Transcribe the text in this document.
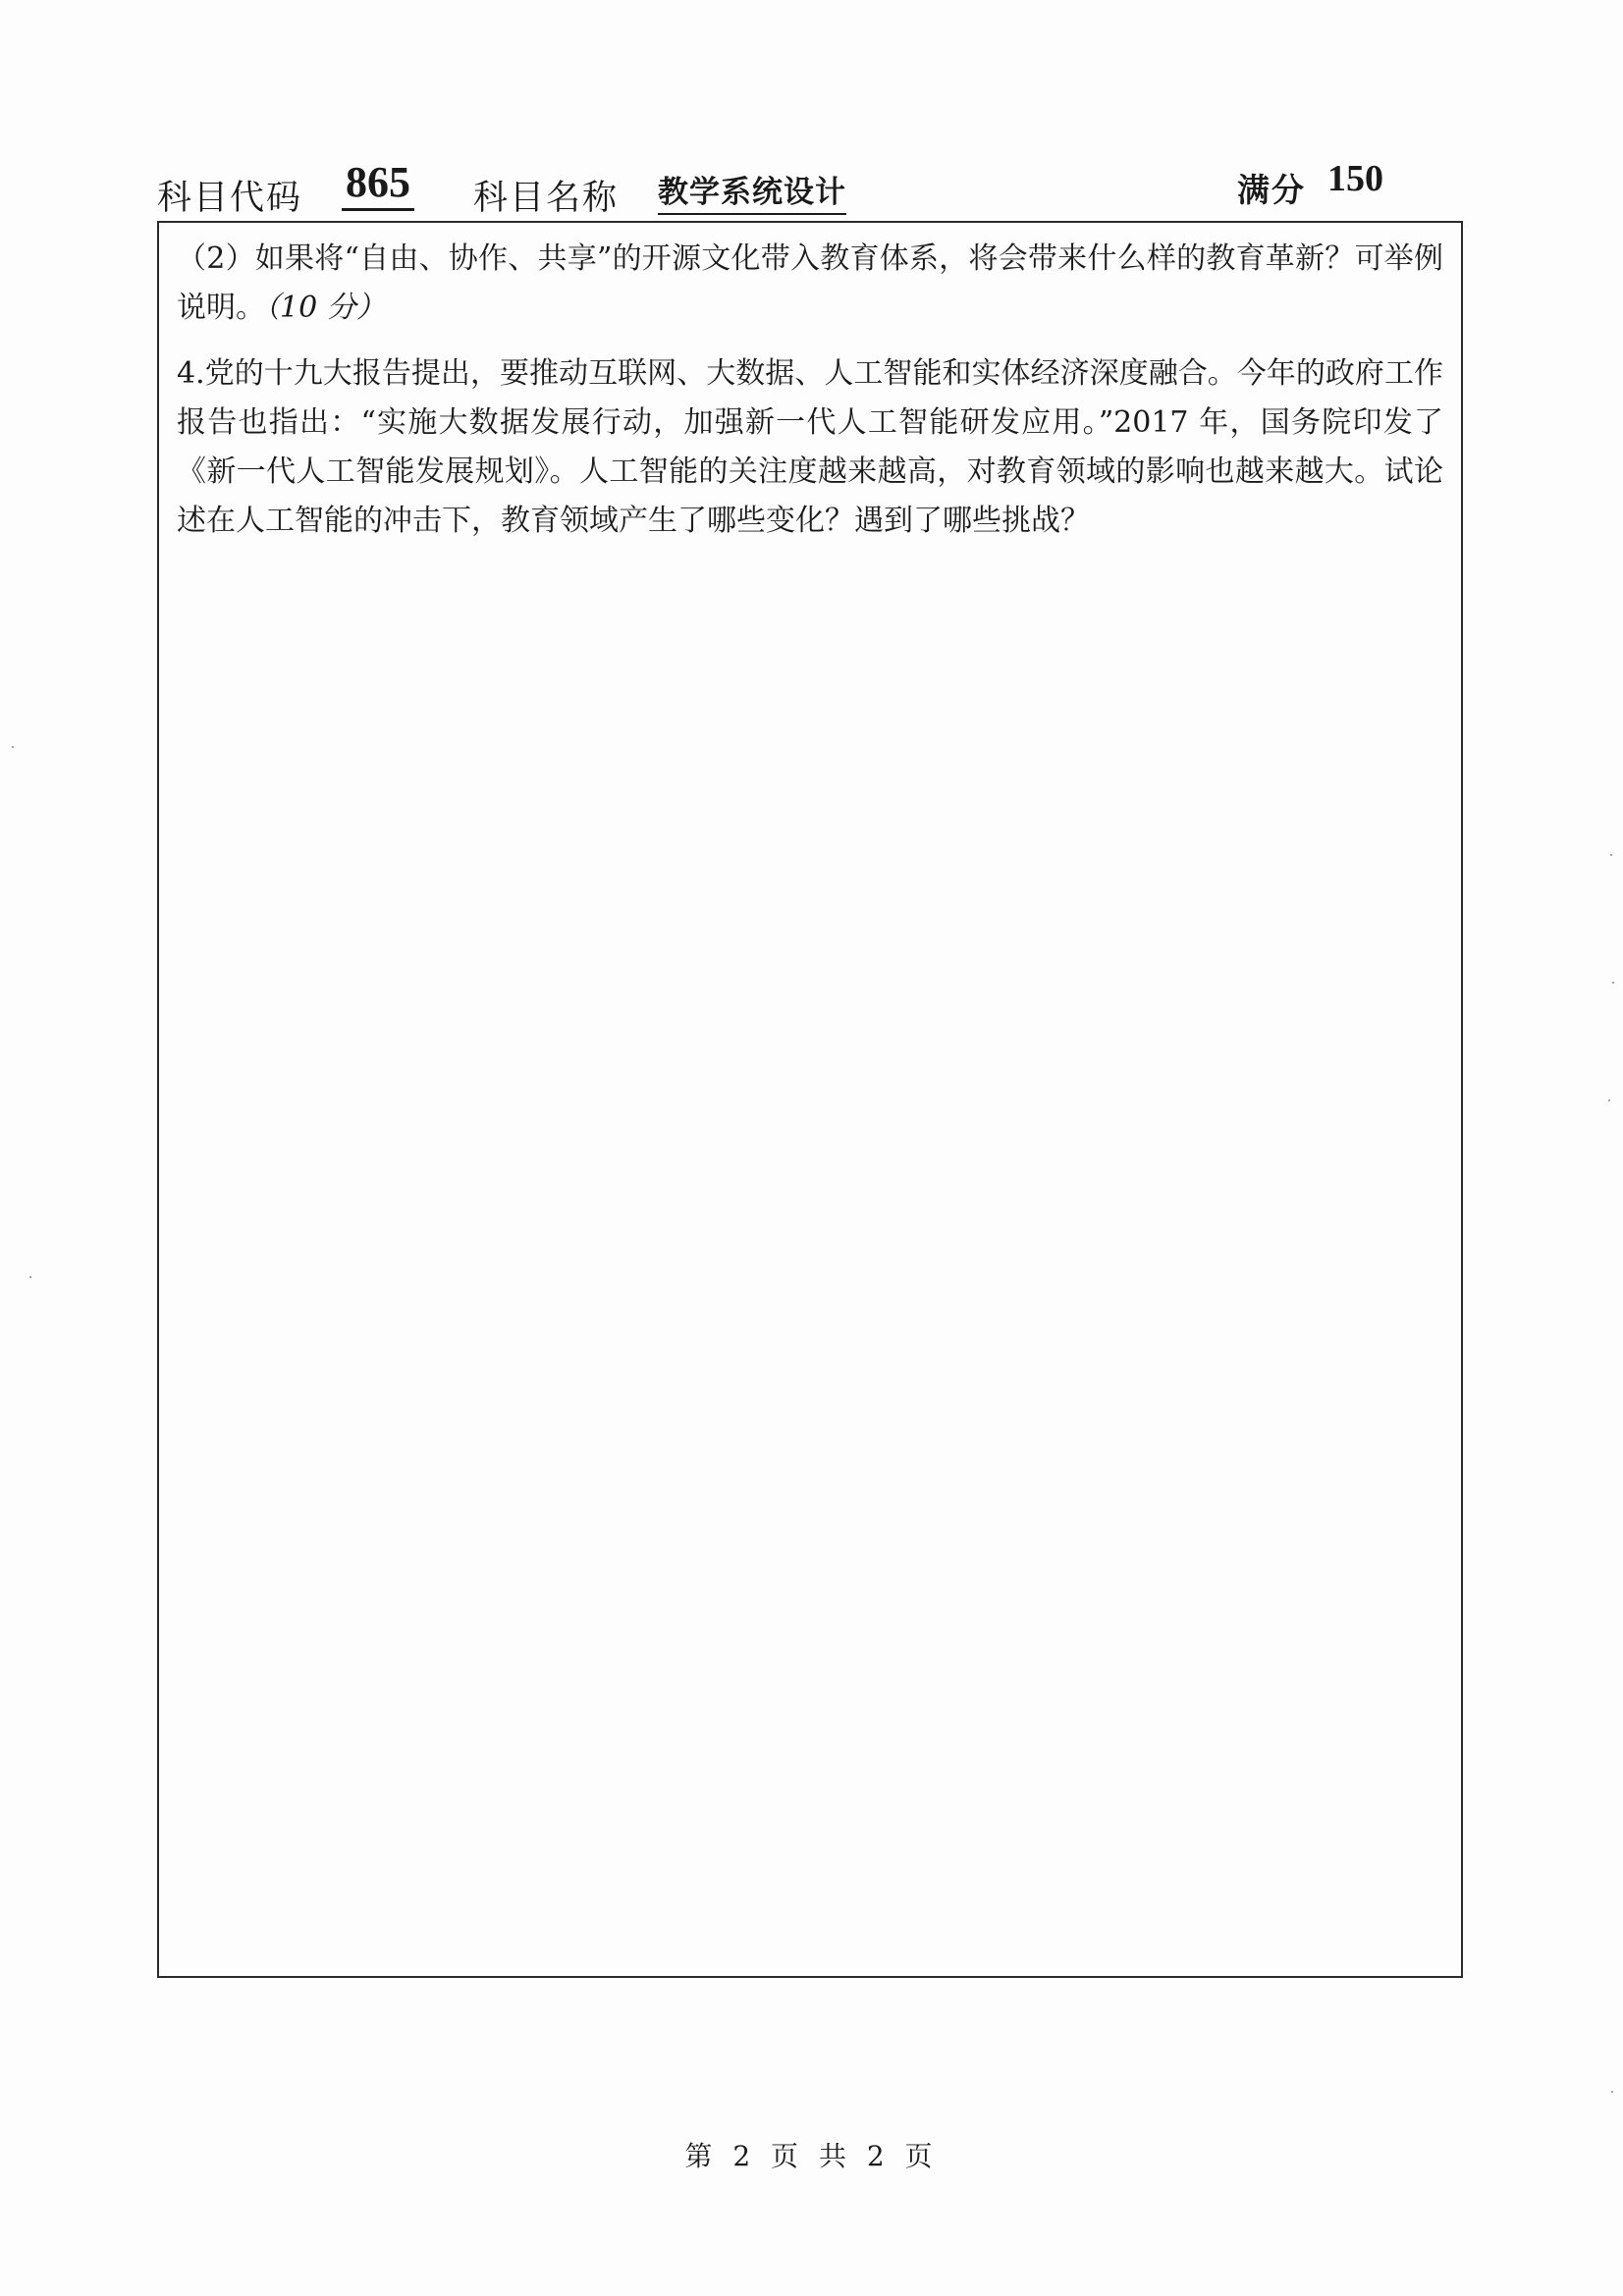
科目代码 865 科目名称 教学系统设计	满分 150

（2）如果将“自由、协作、共享”的开源文化带入教育体系，将会带来什么样的教育革新？可举例说明。（10 分）

4.党的十九大报告提出，要推动互联网、大数据、人工智能和实体经济深度融合。今年的政府工作报告也指出：“实施大数据发展行动，加强新一代人工智能研发应用。”2017 年，国务院印发了《新一代人工智能发展规划》。人工智能的关注度越来越高，对教育领域的影响也越来越大。试论述在人工智能的冲击下，教育领域产生了哪些变化？遇到了哪些挑战？

第 2 页 共 2 页
